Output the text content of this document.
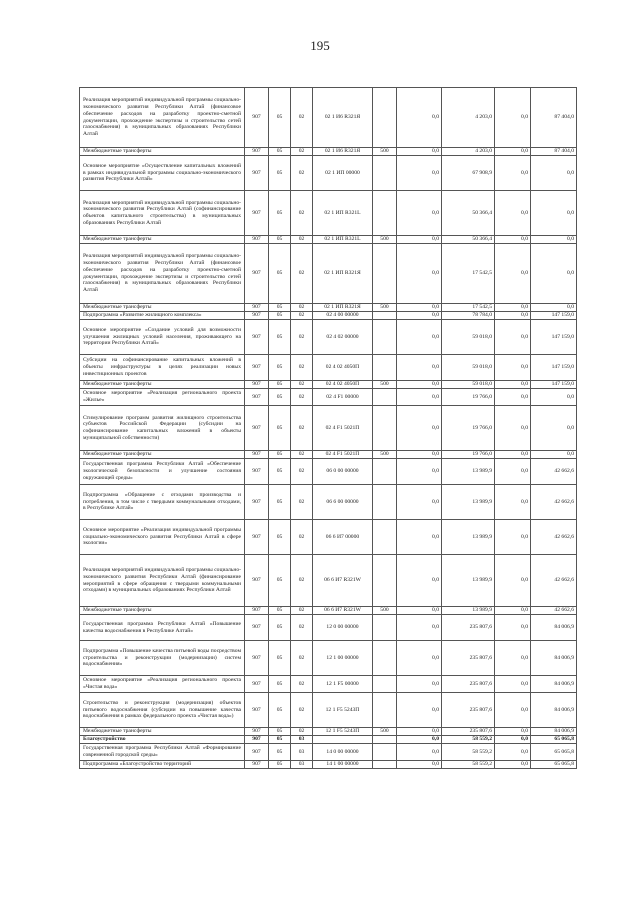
195
Реализация мероприятий индивидуальной программы социально-экономического развития Республики Алтай (финансовое обеспечение расходов на разработку проектно-сметной документации, прохождение экспертизы и строительство сетей газоснабжения) в муниципальных образованиях Республики Алтай	907	05	02	02 1 И6 R321Я		0,0	4 203,0	0,0	87 404,0
Межбюджетные трансферты	907	05	02	02 1 И6 R321Я	500	0,0	4 203,0	0,0	87 404,0
Основное мероприятие «Осуществление капитальных вложений в рамках индивидуальной программы социально-экономического развития Республики Алтай»	907	05	02	02 1 ИП 00000		0,0	67 908,9	0,0	0,0
Реализация мероприятий индивидуальной программы социально-экономического развития Республики Алтай (софинансирование объектов капитального строительства) в муниципальных образованиях Республики Алтай	907	05	02	02 1 ИП R321L		0,0	50 366,4	0,0	0,0
Межбюджетные трансферты	907	05	02	02 1 ИП R321L	500	0,0	50 366,4	0,0	0,0
Реализация мероприятий индивидуальной программы социально-экономического развития Республики Алтай (финансовое обеспечение расходов на разработку проектно-сметной документации, прохождение экспертизы и строительство сетей газоснабжения) в муниципальных образованиях Республики Алтай	907	05	02	02 1 ИП R321Я		0,0	17 542,5	0,0	0,0
Межбюджетные трансферты	907	05	02	02 1 ИП R321Я	500	0,0	17 542,5	0,0	0,0
Подпрограмма «Развитие жилищного комплекса»	907	05	02	02 4 00 00000		0,0	78 784,0	0,0	147 159,0
Основное мероприятие «Создание условий для возможности улучшения жилищных условий населения, проживающего на территории Республики Алтай»	907	05	02	02 4 02 00000		0,0	59 018,0	0,0	147 159,0
Субсидии на софинансирование капитальных вложений в объекты инфраструктуры в целях реализации новых инвестиционных проектов	907	05	02	02 4 02 4050П		0,0	59 018,0	0,0	147 159,0
Межбюджетные трансферты	907	05	02	02 4 02 4050П	500	0,0	59 018,0	0,0	147 159,0
Основное мероприятие «Реализация регионального проекта «Жилье»	907	05	02	02 4 F1 00000		0,0	19 766,0	0,0	0,0
Стимулирование программ развития жилищного строительства субъектов Российской Федерации (субсидии на софинансирование капитальных вложений в объекты муниципальной собственности)	907	05	02	02 4 F1 5021П		0,0	19 766,0	0,0	0,0
Межбюджетные трансферты	907	05	02	02 4 F1 5021П	500	0,0	19 766,0	0,0	0,0
Государственная программа Республики Алтай «Обеспечение экологической безопасности и улучшение состояния окружающей среды»	907	05	02	06 0 00 00000		0,0	13 989,9	0,0	42 662,6
Подпрограмма «Обращение с отходами производства и потребления, в том числе с твердыми коммунальными отходами, в Республике Алтай»	907	05	02	06 6 00 00000		0,0	13 989,9	0,0	42 662,6
Основное мероприятие «Реализация индивидуальной программы социально-экономического развития Республики Алтай в сфере экологии»	907	05	02	06 6 И7 00000		0,0	13 989,9	0,0	42 662,6
Реализация мероприятий индивидуальной программы социально-экономического развития Республики Алтай (финансирование мероприятий в сфере обращения с твердыми коммунальными отходами) в муниципальных образованиях Республики Алтай	907	05	02	06 6 И7 R321W		0,0	13 989,9	0,0	42 662,6
Межбюджетные трансферты	907	05	02	06 6 И7 R321W	500	0,0	13 989,9	0,0	42 662,6
Государственная программа Республики Алтай «Повышение качества водоснабжения в Республике Алтай»	907	05	02	12 0 00 00000		0,0	235 807,6	0,0	84 006,9
Подпрограмма «Повышение качества питьевой воды посредством строительства и реконструкции (модернизации) систем водоснабжения»	907	05	02	12 1 00 00000		0,0	235 807,6	0,0	84 006,9
Основное мероприятие «Реализация регионального проекта «Чистая вода»	907	05	02	12 1 F5 00000		0,0	235 807,6	0,0	84 006,9
Строительство и реконструкция (модернизация) объектов питьевого водоснабжения (субсидии на повышение качества водоснабжения в рамках федерального проекта «Чистая вода»)	907	05	02	12 1 F5 5243П		0,0	235 807,6	0,0	84 006,9
Межбюджетные трансферты	907	05	02	12 1 F5 5243П	500	0,0	235 807,6	0,0	84 006,9
Благоустройство	907	05	03			0,0	58 559,2	0,0	65 065,8
Государственная программа Республики Алтай «Формирование современной городской среды»	907	05	03	14 0 00 00000		0,0	58 559,2	0,0	65 065,8
Подпрограмма «Благоустройство территорий	907	05	03	14 1 00 00000		0,0	58 559,2	0,0	65 065,8
